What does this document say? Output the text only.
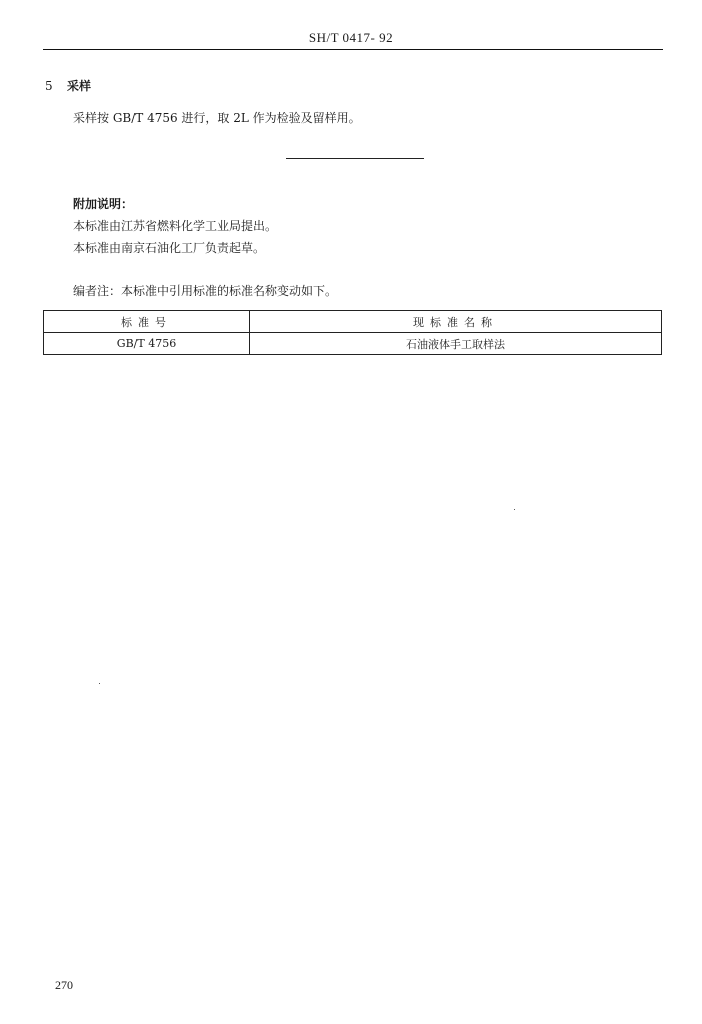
SH/T 0417- 92
5 采样
采样按 GB/T 4756 进行，取 2L 作为检验及留样用。
附加说明：
本标准由江苏省燃料化学工业局提出。
本标准由南京石油化工厂负责起草。
编者注：本标准中引用标准的标准名称变动如下。
标准号	现标准名称
GB/T 4756	石油液体手工取样法
270
